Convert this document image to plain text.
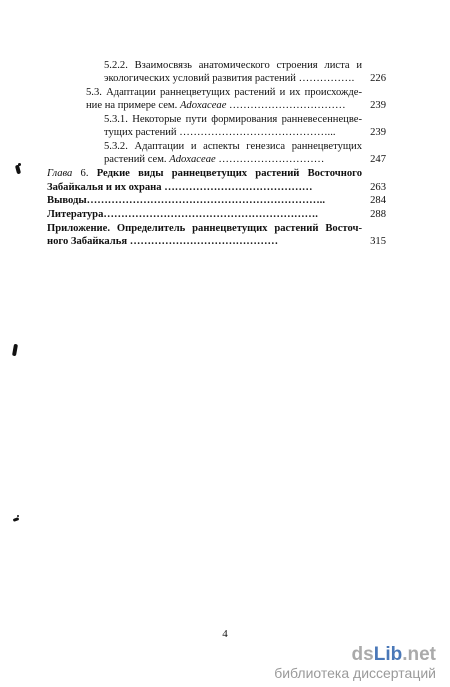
5.2.2. Взаимосвязь анатомического строения листа и
экологических условий развития растений …………….	226
5.3. Адаптации раннецветущих растений и их происхожде-
ние на примере сем. Adoxaceae ……………………………	239
5.3.1. Некоторые пути формирования ранневесеннецве-
тущих растений ……………………………………...	239
5.3.2. Адаптации и аспекты генезиса раннецветущих
растений сем. Adoxaceae …………………………	247
Глава 6. Редкие виды раннецветущих растений Восточного
Забайкалья и их охрана ……………………………………	263
Выводы…………………………………………………………..	284
Литература…………………………………………………….	288
Приложение. Определитель раннецветущих растений Восточ-
ного Забайкалья ……………………………………	315
4
dsLib.net
библиотека диссертаций
